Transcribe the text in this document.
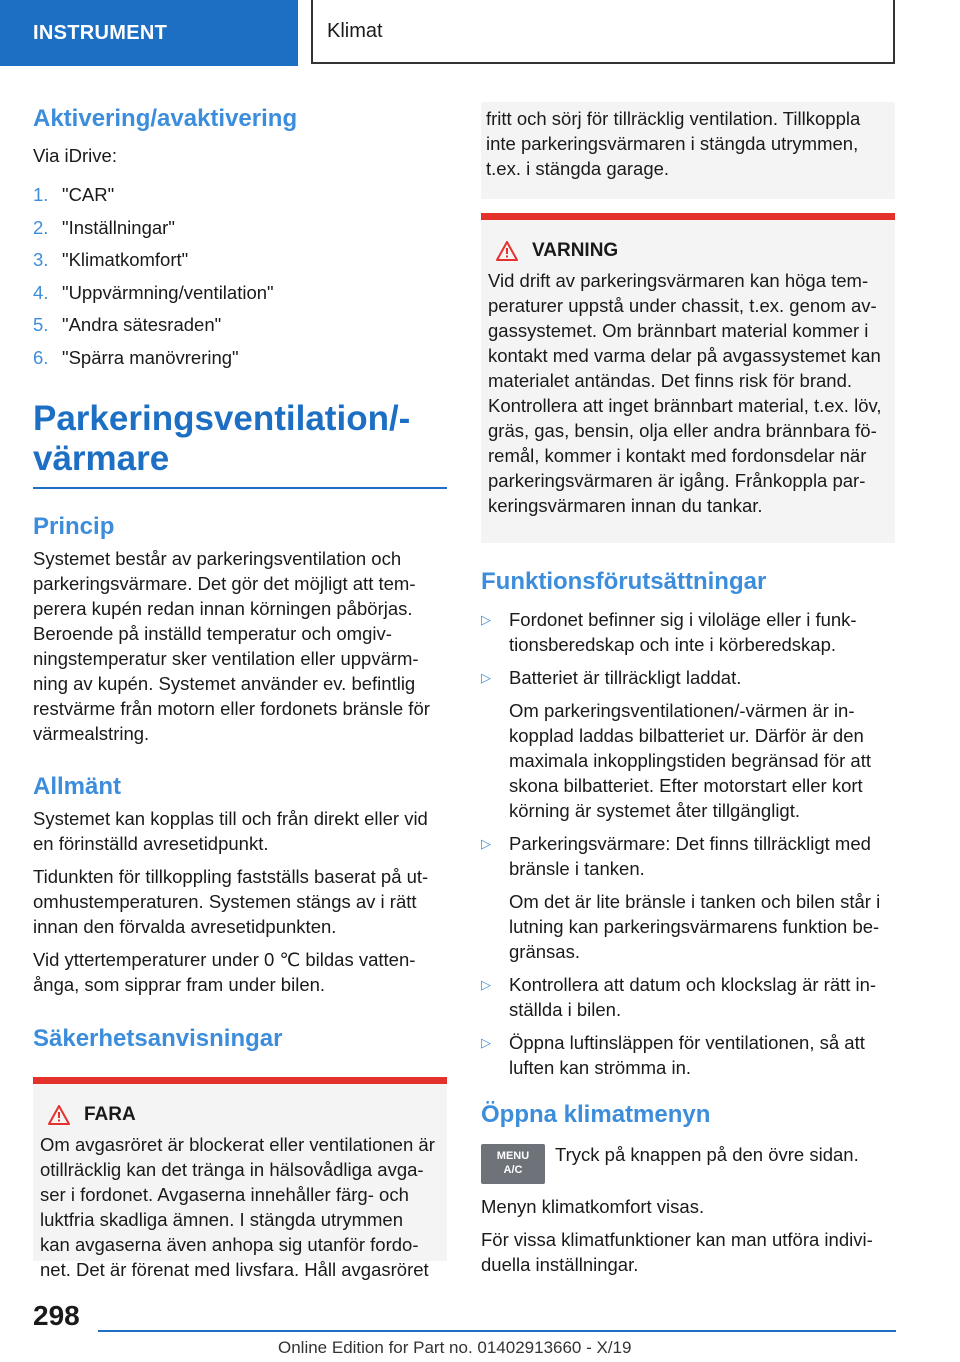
INSTRUMENT	Klimat
Aktivering/avaktivering

Via iDrive:

1. "CAR"
2. "Inställningar"
3. "Klimatkomfort"
4. "Uppvärmning/ventilation"
5. "Andra sätesraden"
6. "Spärra manövrering"
Parkeringsventilation/-
värmare
Princip

Systemet består av parkeringsventilation och

parkeringsvärmare. Det gör det möjligt att tem-

perera kupén redan innan körningen påbörjas.

Beroende på inställd temperatur och omgiv-

ningstemperatur sker ventilation eller uppvärm-

ning av kupén. Systemet använder ev. befintlig

restvärme från motorn eller fordonets bränsle för

värmealstring.

Allmänt

Systemet kan kopplas till och från direkt eller vid

en förinställd avresetidpunkt.

Tidunkten för tillkoppling fastställs baserat på ut-

omhustemperaturen. Systemen stängs av i rätt

innan den förvalda avresetidpunkten.

Vid yttertemperaturer under 0 ℃ bildas vatten-

ånga, som sipprar fram under bilen.

Säkerhetsanvisningar
FARA

Om avgasröret är blockerat eller ventilationen är

otillräcklig kan det tränga in hälsovådliga avga-

ser i fordonet. Avgaserna innehåller färg- och

luktfria skadliga ämnen. I stängda utrymmen

kan avgaserna även anhopa sig utanför fordo-

net. Det är förenat med livsfara. Håll avgasröret

fritt och sörj för tillräcklig ventilation. Tillkoppla

inte parkeringsvärmaren i stängda utrymmen,

t.ex. i stängda garage.

VARNING

Vid drift av parkeringsvärmaren kan höga tem-

peraturer uppstå under chassit, t.ex. genom av-

gassystemet. Om brännbart material kommer i

kontakt med varma delar på avgassystemet kan

materialet antändas. Det finns risk för brand.

Kontrollera att inget brännbart material, t.ex. löv,

gräs, gas, bensin, olja eller andra brännbara fö-

remål, kommer i kontakt med fordonsdelar när

parkeringsvärmaren är igång. Frånkoppla par-

keringsvärmaren innan du tankar.

Funktionsförutsättningar
▷ Fordonet befinner sig i viloläge eller i funk-

tionsberedskap och inte i körberedskap.

▷ Batteriet är tillräckligt laddat.

Om parkeringsventilationen/-värmen är in-

kopplad laddas bilbatteriet ur. Därför är den

maximala inkopplingstiden begränsad för att

skona bilbatteriet. Efter motorstart eller kort

körning är systemet åter tillgängligt.

▷ Parkeringsvärmare: Det finns tillräckligt med

bränsle i tanken.

Om det är lite bränsle i tanken och bilen står i

lutning kan parkeringsvärmarens funktion be-

gränsas.

▷ Kontrollera att datum och klockslag är rätt in-

ställda i bilen.

▷ Öppna luftinsläppen för ventilationen, så att

luften kan strömma in.

Öppna klimatmenyn
MENU
A/C

Tryck på knappen på den övre sidan.

Menyn klimatkomfort visas.

För vissa klimatfunktioner kan man utföra indivi-

duella inställningar.

298
Online Edition for Part no. 01402913660 - X/19
